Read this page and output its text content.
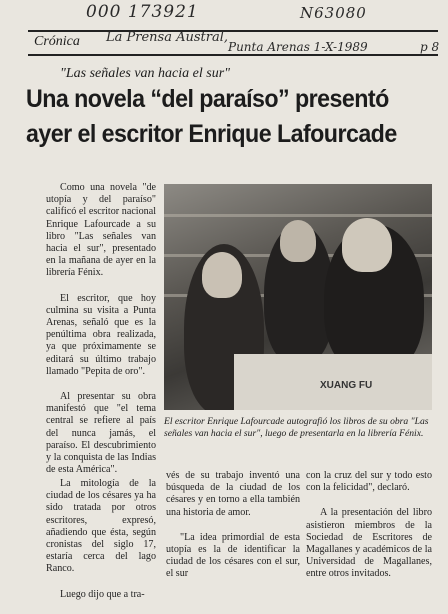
000 173921	N63080
Crónica La Prensa Austral,
Punta Arenas 1-X-1989	p 8
"Las señales van hacia el sur"
Una novela “del paraíso” presentó ayer el escritor Enrique Lafourcade

Como una novela "de utopía y del paraíso" calificó el escritor nacional Enrique Lafourcade a su libro "Las señales van hacia el sur", presentado en la mañana de ayer en la librería Fénix.

El escritor, que hoy culmina su visita a Punta Arenas, señaló que es la penúltima obra realizada, ya que próximamente se editará su último trabajo llamado "Pepita de oro".

Al presentar su obra manifestó que "el tema central se refiere al país del nunca jamás, el paraíso. El descubrimiento y la conquista de las Indias de esta América".

La mitología de la ciudad de los césares ya ha sido tratada por otros escritores, expresó, añadiendo que ésta, según cronistas del siglo 17, estaría cerca del lago Ranco.

Luego dijo que a tra-

XUANG FU

El escritor Enrique Lafourcade autografió los libros de su obra "Las señales van hacia el sur", luego de presentarla en la librería Fénix.

vés de su trabajo inventó una búsqueda de la ciudad de los césares y en torno a ella también una historia de amor.

"La idea primordial de esta utopía es la de identificar la ciudad de los césares con el sur, el sur

con la cruz del sur y todo esto con la felicidad", declaró.

A la presentación del libro asistieron miembros de la Sociedad de Escritores de Magallanes y académicos de la Universidad de Magallanes, entre otros invitados.
